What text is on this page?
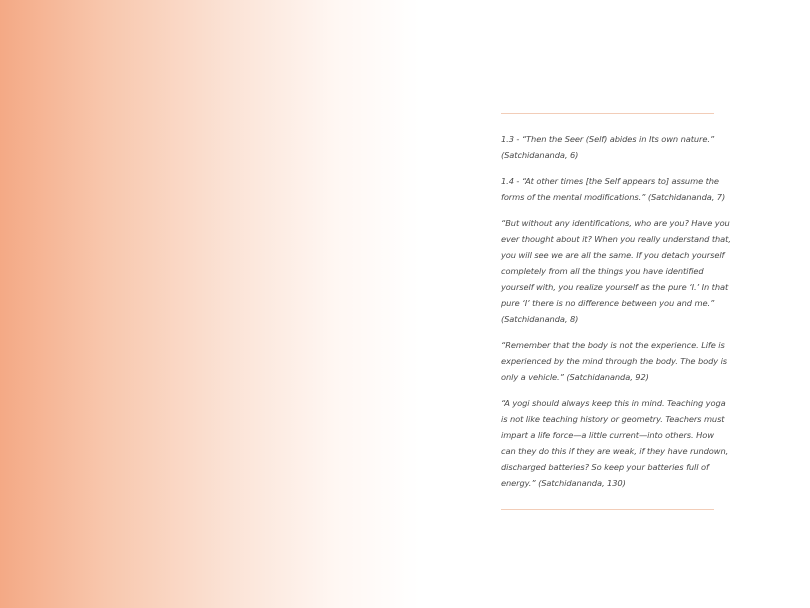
1.3 - “Then the Seer (Self) abides in Its own nature.”
(Satchidananda, 6)

1.4 - “At other times [the Self appears to] assume the
forms of the mental modifications.” (Satchidananda, 7)

“But without any identifications, who are you? Have you
ever thought about it? When you really understand that,
you will see we are all the same. If you detach yourself
completely from all the things you have identified
yourself with, you realize yourself as the pure ‘I.’ In that
pure ‘I’ there is no difference between you and me.”
(Satchidananda, 8)

“Remember that the body is not the experience. Life is
experienced by the mind through the body. The body is
only a vehicle.” (Satchidananda, 92)

“A yogi should always keep this in mind. Teaching yoga
is not like teaching history or geometry. Teachers must
impart a life force—a little current—into others. How
can they do this if they are weak, if they have rundown,
discharged batteries? So keep your batteries full of
energy.” (Satchidananda, 130)
